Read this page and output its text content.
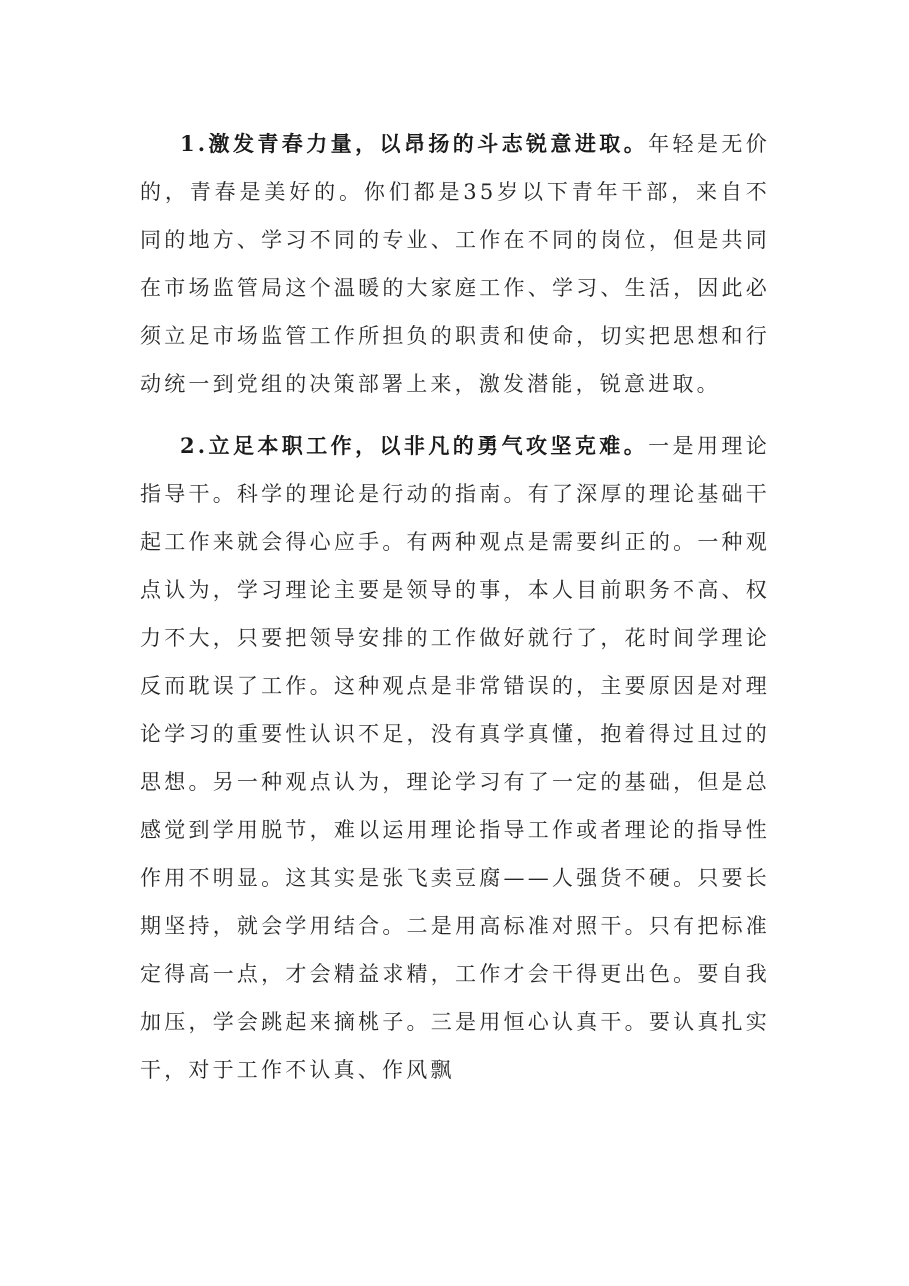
1.激发青春力量，以昂扬的斗志锐意进取。年轻是无价的，青春是美好的。你们都是35岁以下青年干部，来自不同的地方、学习不同的专业、工作在不同的岗位，但是共同在市场监管局这个温暖的大家庭工作、学习、生活，因此必须立足市场监管工作所担负的职责和使命，切实把思想和行动统一到党组的决策部署上来，激发潜能，锐意进取。

2.立足本职工作，以非凡的勇气攻坚克难。一是用理论指导干。科学的理论是行动的指南。有了深厚的理论基础干起工作来就会得心应手。有两种观点是需要纠正的。一种观点认为，学习理论主要是领导的事，本人目前职务不高、权力不大，只要把领导安排的工作做好就行了，花时间学理论反而耽误了工作。这种观点是非常错误的，主要原因是对理论学习的重要性认识不足，没有真学真懂，抱着得过且过的思想。另一种观点认为，理论学习有了一定的基础，但是总感觉到学用脱节，难以运用理论指导工作或者理论的指导性作用不明显。这其实是张飞卖豆腐——人强货不硬。只要长期坚持，就会学用结合。二是用高标准对照干。只有把标准定得高一点，才会精益求精，工作才会干得更出色。要自我加压，学会跳起来摘桃子。三是用恒心认真干。要认真扎实干，对于工作不认真、作风飘
